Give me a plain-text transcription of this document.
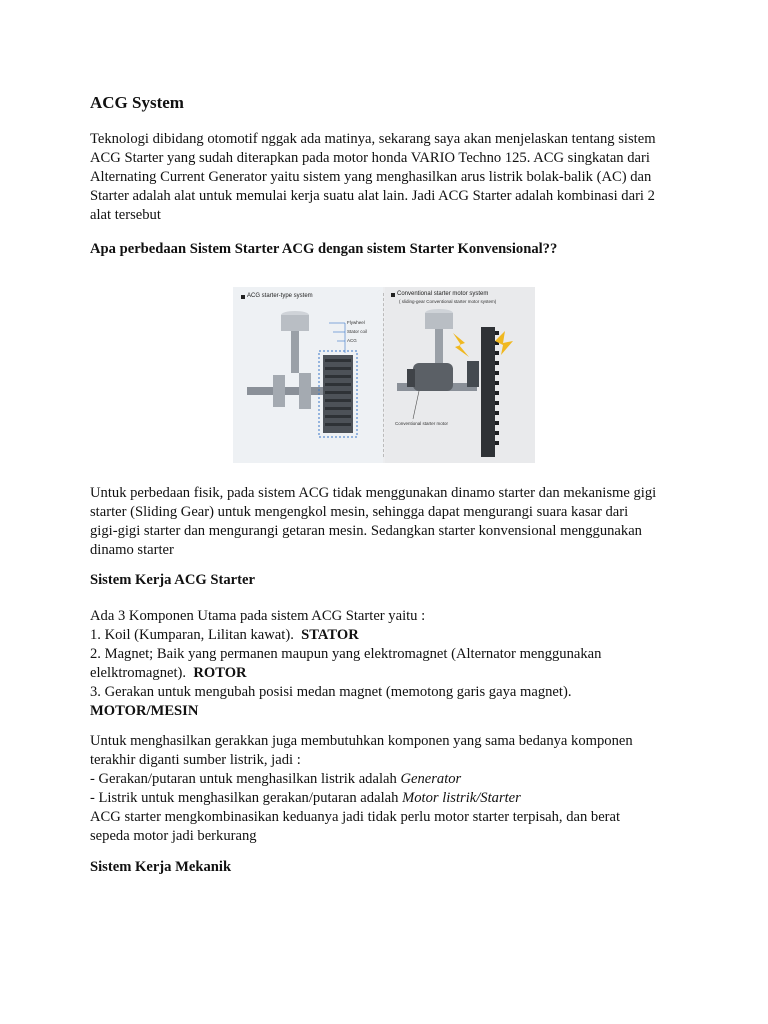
ACG System

Teknologi dibidang otomotif nggak ada matinya, sekarang saya akan menjelaskan tentang sistem
ACG Starter yang sudah diterapkan pada motor honda VARIO Techno 125. ACG singkatan dari
Alternating Current Generator yaitu sistem yang menghasilkan arus listrik bolak-balik (AC) dan
Starter adalah alat untuk memulai kerja suatu alat lain. Jadi ACG Starter adalah kombinasi dari 2
alat tersebut

Apa perbedaan Sistem Starter ACG dengan sistem Starter Konvensional??

Untuk perbedaan fisik, pada sistem ACG tidak menggunakan dinamo starter dan mekanisme gigi
starter (Sliding Gear) untuk mengengkol mesin, sehingga dapat mengurangi suara kasar dari
gigi-gigi starter dan mengurangi getaran mesin. Sedangkan starter konvensional menggunakan
dinamo starter

Sistem Kerja ACG Starter

Ada 3 Komponen Utama pada sistem ACG Starter yaitu :
1. Koil (Kumparan, Lilitan kawat). STATOR
2. Magnet; Baik yang permanen maupun yang elektromagnet (Alternator menggunakan
elelktromagnet). ROTOR
3. Gerakan untuk mengubah posisi medan magnet (memotong garis gaya magnet).
MOTOR/MESIN

Untuk menghasilkan gerakkan juga membutuhkan komponen yang sama bedanya komponen
terakhir diganti sumber listrik, jadi :
- Gerakan/putaran untuk menghasilkan listrik adalah Generator
- Listrik untuk menghasilkan gerakan/putaran adalah Motor listrik/Starter
ACG starter mengkombinasikan keduanya jadi tidak perlu motor starter terpisah, dan berat
sepeda motor jadi berkurang

Sistem Kerja Mekanik
ACG starter-type system	Conventional starter motor system
( sliding-gear Conventional starter motor system)
Flywheel
Stator coil
ACG
Conventional starter motor
